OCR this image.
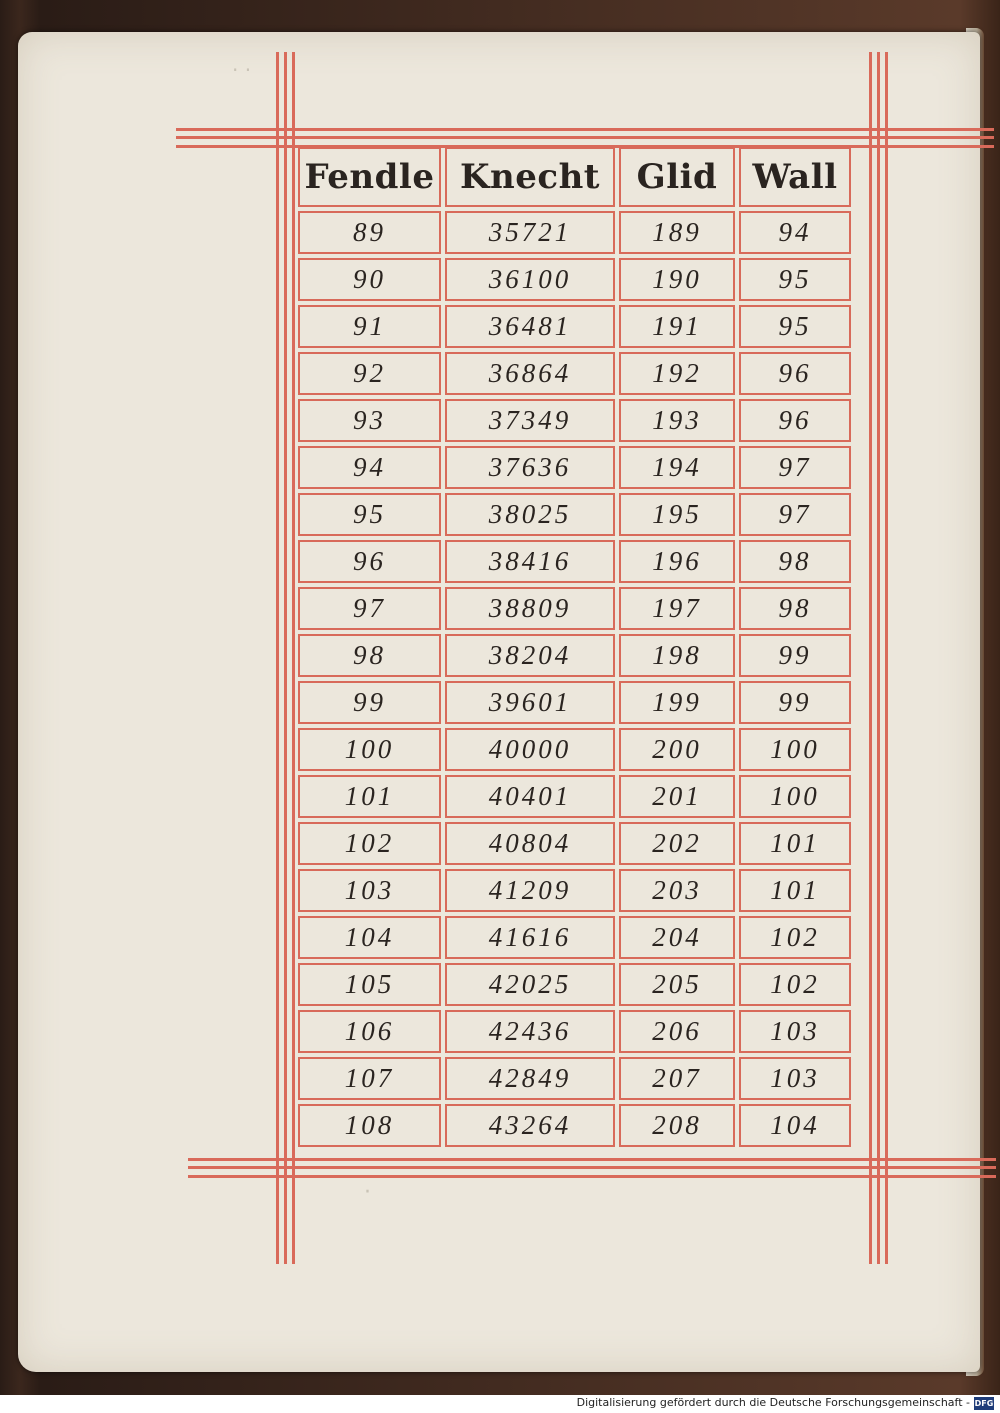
· ·
·
Fendle	Knecht	Glid	Wall
89	35721	189	94
90	36100	190	95
91	36481	191	95
92	36864	192	96
93	37349	193	96
94	37636	194	97
95	38025	195	97
96	38416	196	98
97	38809	197	98
98	38204	198	99
99	39601	199	99
100	40000	200	100
101	40401	201	100
102	40804	202	101
103	41209	203	101
104	41616	204	102
105	42025	205	102
106	42436	206	103
107	42849	207	103
108	43264	208	104
Digitalisierung gefördert durch die Deutsche Forschungsgemeinschaft - DFG
